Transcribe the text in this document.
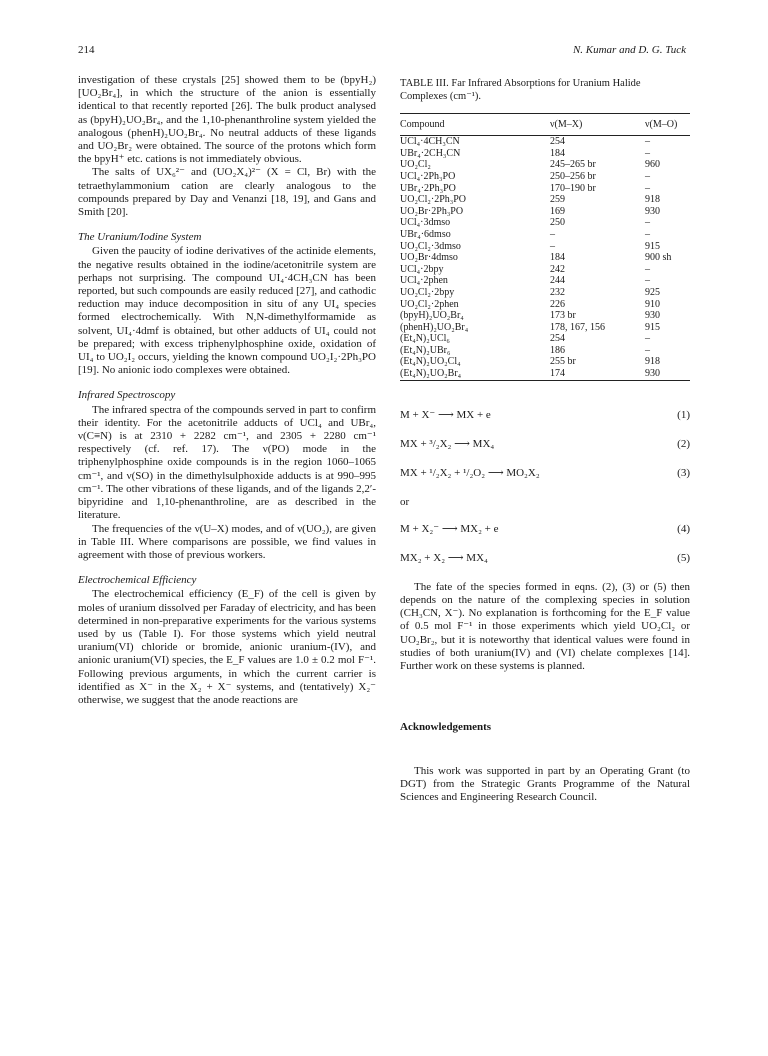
214	N. Kumar and D. G. Tuck

investigation of these crystals [25] showed them to be (bpyH₂)[UO₂Br₄], in which the structure of the anion is essentially identical to that recently reported [26]. The bulk product analysed as (bpyH)₂UO₂Br₄, and the 1,10-phenanthroline system yielded the analogous (phenH)₂UO₂Br₄. No neutral adducts of these ligands and UO₂Br₂ were obtained. The source of the protons which form the bpyH⁺ etc. cations is not immediately obvious.

The salts of UX₆²⁻ and (UO₂X₄)²⁻ (X = Cl, Br) with the tetraethylammonium cation are clearly analogous to the compounds prepared by Day and Venanzi [18, 19], and Gans and Smith [20].

The Uranium/Iodine System

Given the paucity of iodine derivatives of the actinide elements, the negative results obtained in the iodine/acetonitrile system are perhaps not surprising. The compound UI₄·4CH₃CN has been reported, but such compounds are easily reduced [27], and cathodic reduction may induce decomposition in situ of any UI₄ species formed electrochemically. With N,N-dimethylformamide as solvent, UI₄·4dmf is obtained, but other adducts of UI₄ could not be prepared; with excess triphenylphosphine oxide, oxidation of UI₄ to UO₂I₂ occurs, yielding the known compound UO₂I₂·2Ph₃PO [19]. No anionic iodo complexes were obtained.

Infrared Spectroscopy

The infrared spectra of the compounds served in part to confirm their identity. For the acetonitrile adducts of UCl₄ and UBr₄, ν(C≡N) is at 2310 + 2282 cm⁻¹, and 2305 + 2280 cm⁻¹ respectively (cf. ref. 17). The ν(PO) mode in the triphenylphosphine oxide compounds is in the region 1060–1065 cm⁻¹, and ν(SO) in the dimethylsulphoxide adducts is at 990–995 cm⁻¹. The other vibrations of these ligands, and of the ligands 2,2′-bipyridine and 1,10-phenanthroline, are as described in the literature.

The frequencies of the ν(U–X) modes, and of ν(UO₂), are given in Table III. Where comparisons are possible, we find values in agreement with those of previous workers.

Electrochemical Efficiency

The electrochemical efficiency (E_F) of the cell is given by moles of uranium dissolved per Faraday of electricity, and has been determined in non-preparative experiments for the various systems used by us (Table I). For those systems which yield neutral uranium(VI) chloride or bromide, anionic uranium-(IV), and anionic uranium(VI) species, the E_F values are 1.0 ± 0.2 mol F⁻¹. Following previous arguments, in which the current carrier is identified as X⁻ in the X₂ + X⁻ systems, and (tentatively) X₂⁻ otherwise, we suggest that the anode reactions are

TABLE III. Far Infrared Absorptions for Uranium Halide Complexes (cm⁻¹).
Compound	ν(M–X)	ν(M–O)
UCl₄·4CH₃CN	254	–
UBr₄·2CH₃CN	184	–
UO₂Cl₂	245–265 br	960
UCl₄·2Ph₃PO	250–256 br	–
UBr₄·2Ph₃PO	170–190 br	–
UO₂Cl₂·2Ph₃PO	259	918
UO₂Br·2Ph₃PO	169	930
UCl₄·3dmso	250	–
UBr₄·6dmso	–	–
UO₂Cl₂·3dmso	–	915
UO₂Br·4dmso	184	900 sh
UCl₄·2bpy	242	–
UCl₄·2phen	244	–
UO₂Cl₂·2bpy	232	925
UO₂Cl₂·2phen	226	910
(bpyH)₂UO₂Br₄	173 br	930
(phenH)₂UO₂Br₄	178, 167, 156	915
(Et₄N)₂UCl₆	254	–
(Et₄N)₂UBr₆	186	–
(Et₄N)₂UO₂Cl₄	255 br	918
(Et₄N)₂UO₂Br₄	174	930

M + X⁻ ⟶ MX + e	(1)
MX + ³/₂X₂ ⟶ MX₄	(2)
MX + ¹/₂X₂ + ¹/₂O₂ ⟶ MO₂X₂	(3)
or
M + X₂⁻ ⟶ MX₂ + e	(4)
MX₂ + X₂ ⟶ MX₄	(5)

The fate of the species formed in eqns. (2), (3) or (5) then depends on the nature of the complexing species in solution (CH₃CN, X⁻). No explanation is forthcoming for the E_F value of 0.5 mol F⁻¹ in those experiments which yield UO₂Cl₂ or UO₂Br₂, but it is noteworthy that identical values were found in studies of both uranium(IV) and (VI) chelate complexes [14]. Further work on these systems is planned.

Acknowledgements

This work was supported in part by an Operating Grant (to DGT) from the Strategic Grants Programme of the Natural Sciences and Engineering Research Council.
